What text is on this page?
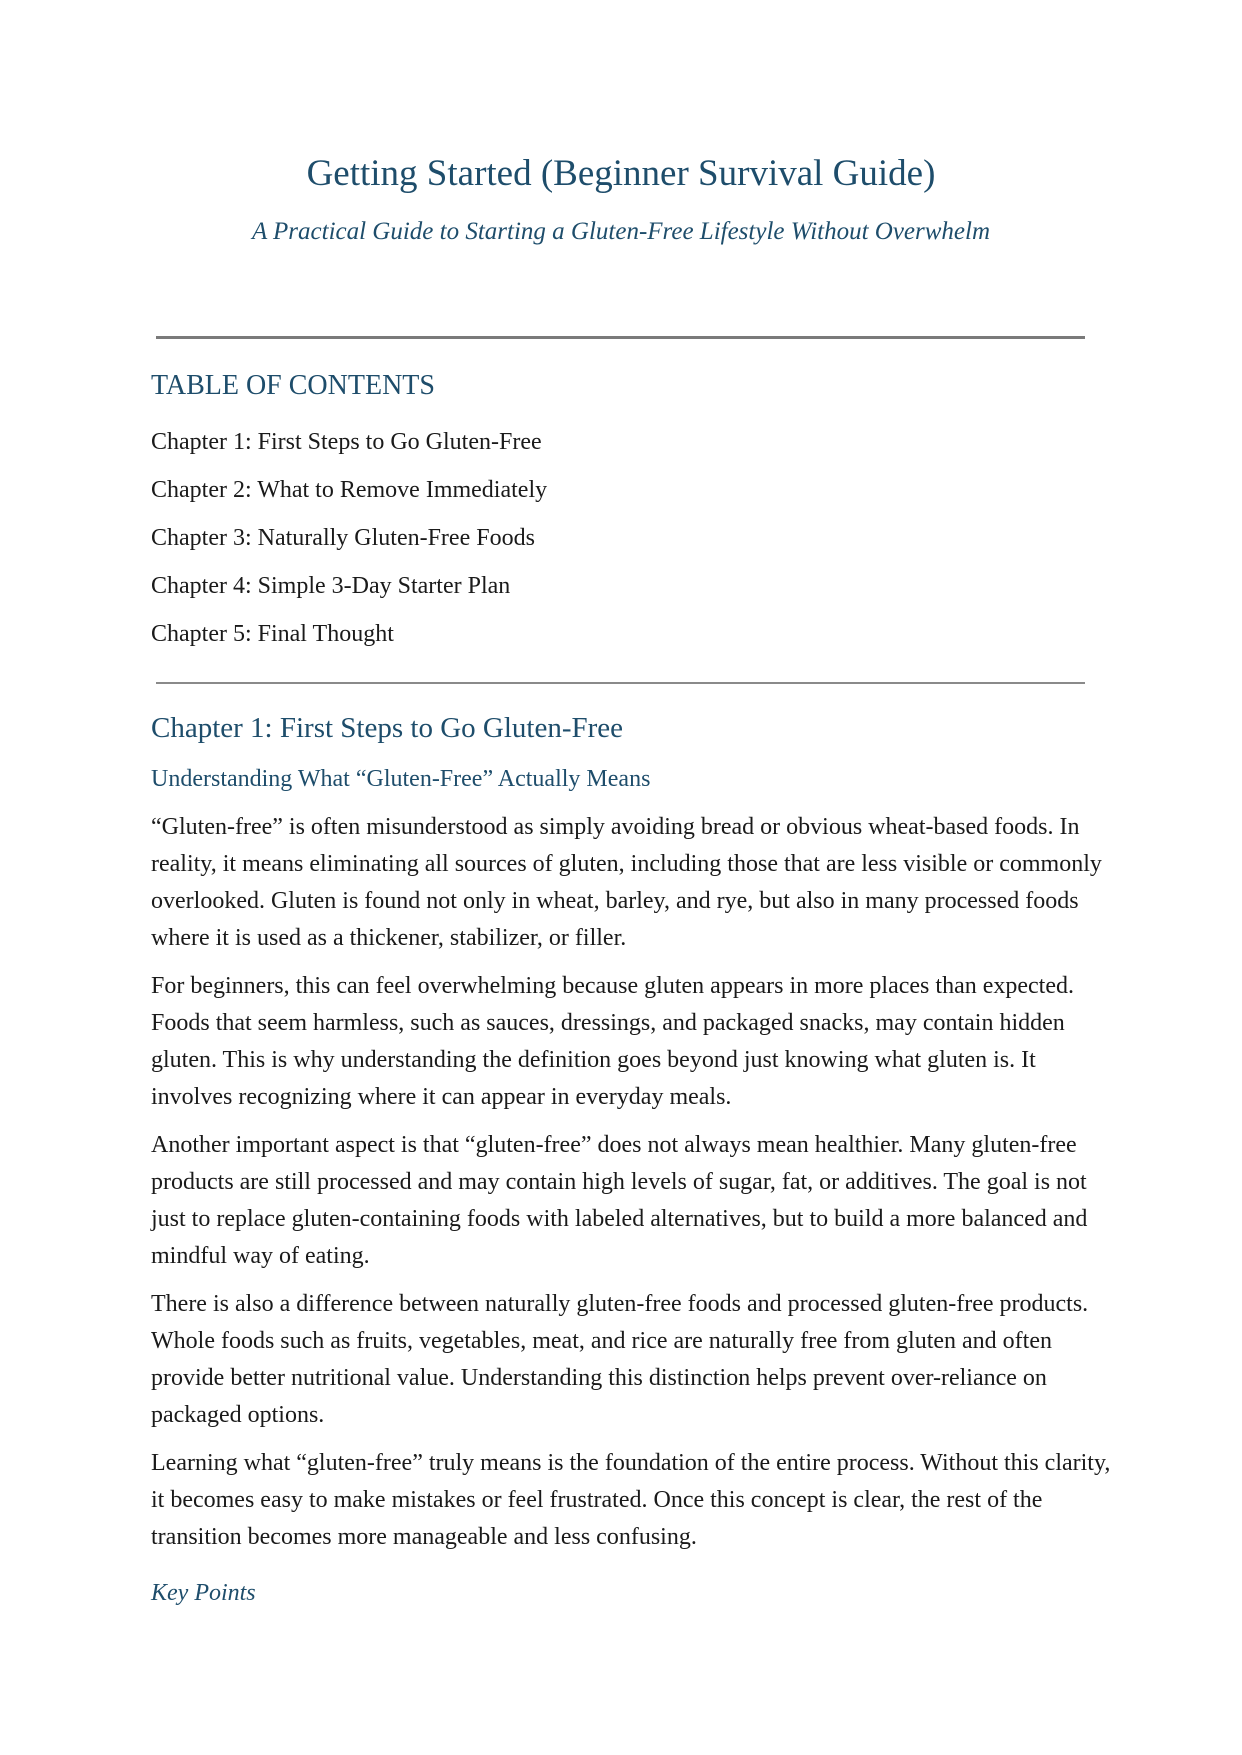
Getting Started (Beginner Survival Guide)

A Practical Guide to Starting a Gluten-Free Lifestyle Without Overwhelm

TABLE OF CONTENTS
Chapter 1: First Steps to Go Gluten-Free
Chapter 2: What to Remove Immediately
Chapter 3: Naturally Gluten-Free Foods
Chapter 4: Simple 3-Day Starter Plan
Chapter 5: Final Thought
Chapter 1: First Steps to Go Gluten-Free
Understanding What “Gluten-Free” Actually Means

“Gluten-free” is often misunderstood as simply avoiding bread or obvious wheat-based foods. In reality, it means eliminating all sources of gluten, including those that are less visible or commonly overlooked. Gluten is found not only in wheat, barley, and rye, but also in many processed foods where it is used as a thickener, stabilizer, or filler.

For beginners, this can feel overwhelming because gluten appears in more places than expected. Foods that seem harmless, such as sauces, dressings, and packaged snacks, may contain hidden gluten. This is why understanding the definition goes beyond just knowing what gluten is. It involves recognizing where it can appear in everyday meals.

Another important aspect is that “gluten-free” does not always mean healthier. Many gluten-free products are still processed and may contain high levels of sugar, fat, or additives. The goal is not just to replace gluten-containing foods with labeled alternatives, but to build a more balanced and mindful way of eating.

There is also a difference between naturally gluten-free foods and processed gluten-free products. Whole foods such as fruits, vegetables, meat, and rice are naturally free from gluten and often provide better nutritional value. Understanding this distinction helps prevent over-reliance on packaged options.

Learning what “gluten-free” truly means is the foundation of the entire process. Without this clarity, it becomes easy to make mistakes or feel frustrated. Once this concept is clear, the rest of the transition becomes more manageable and less confusing.

Key Points
